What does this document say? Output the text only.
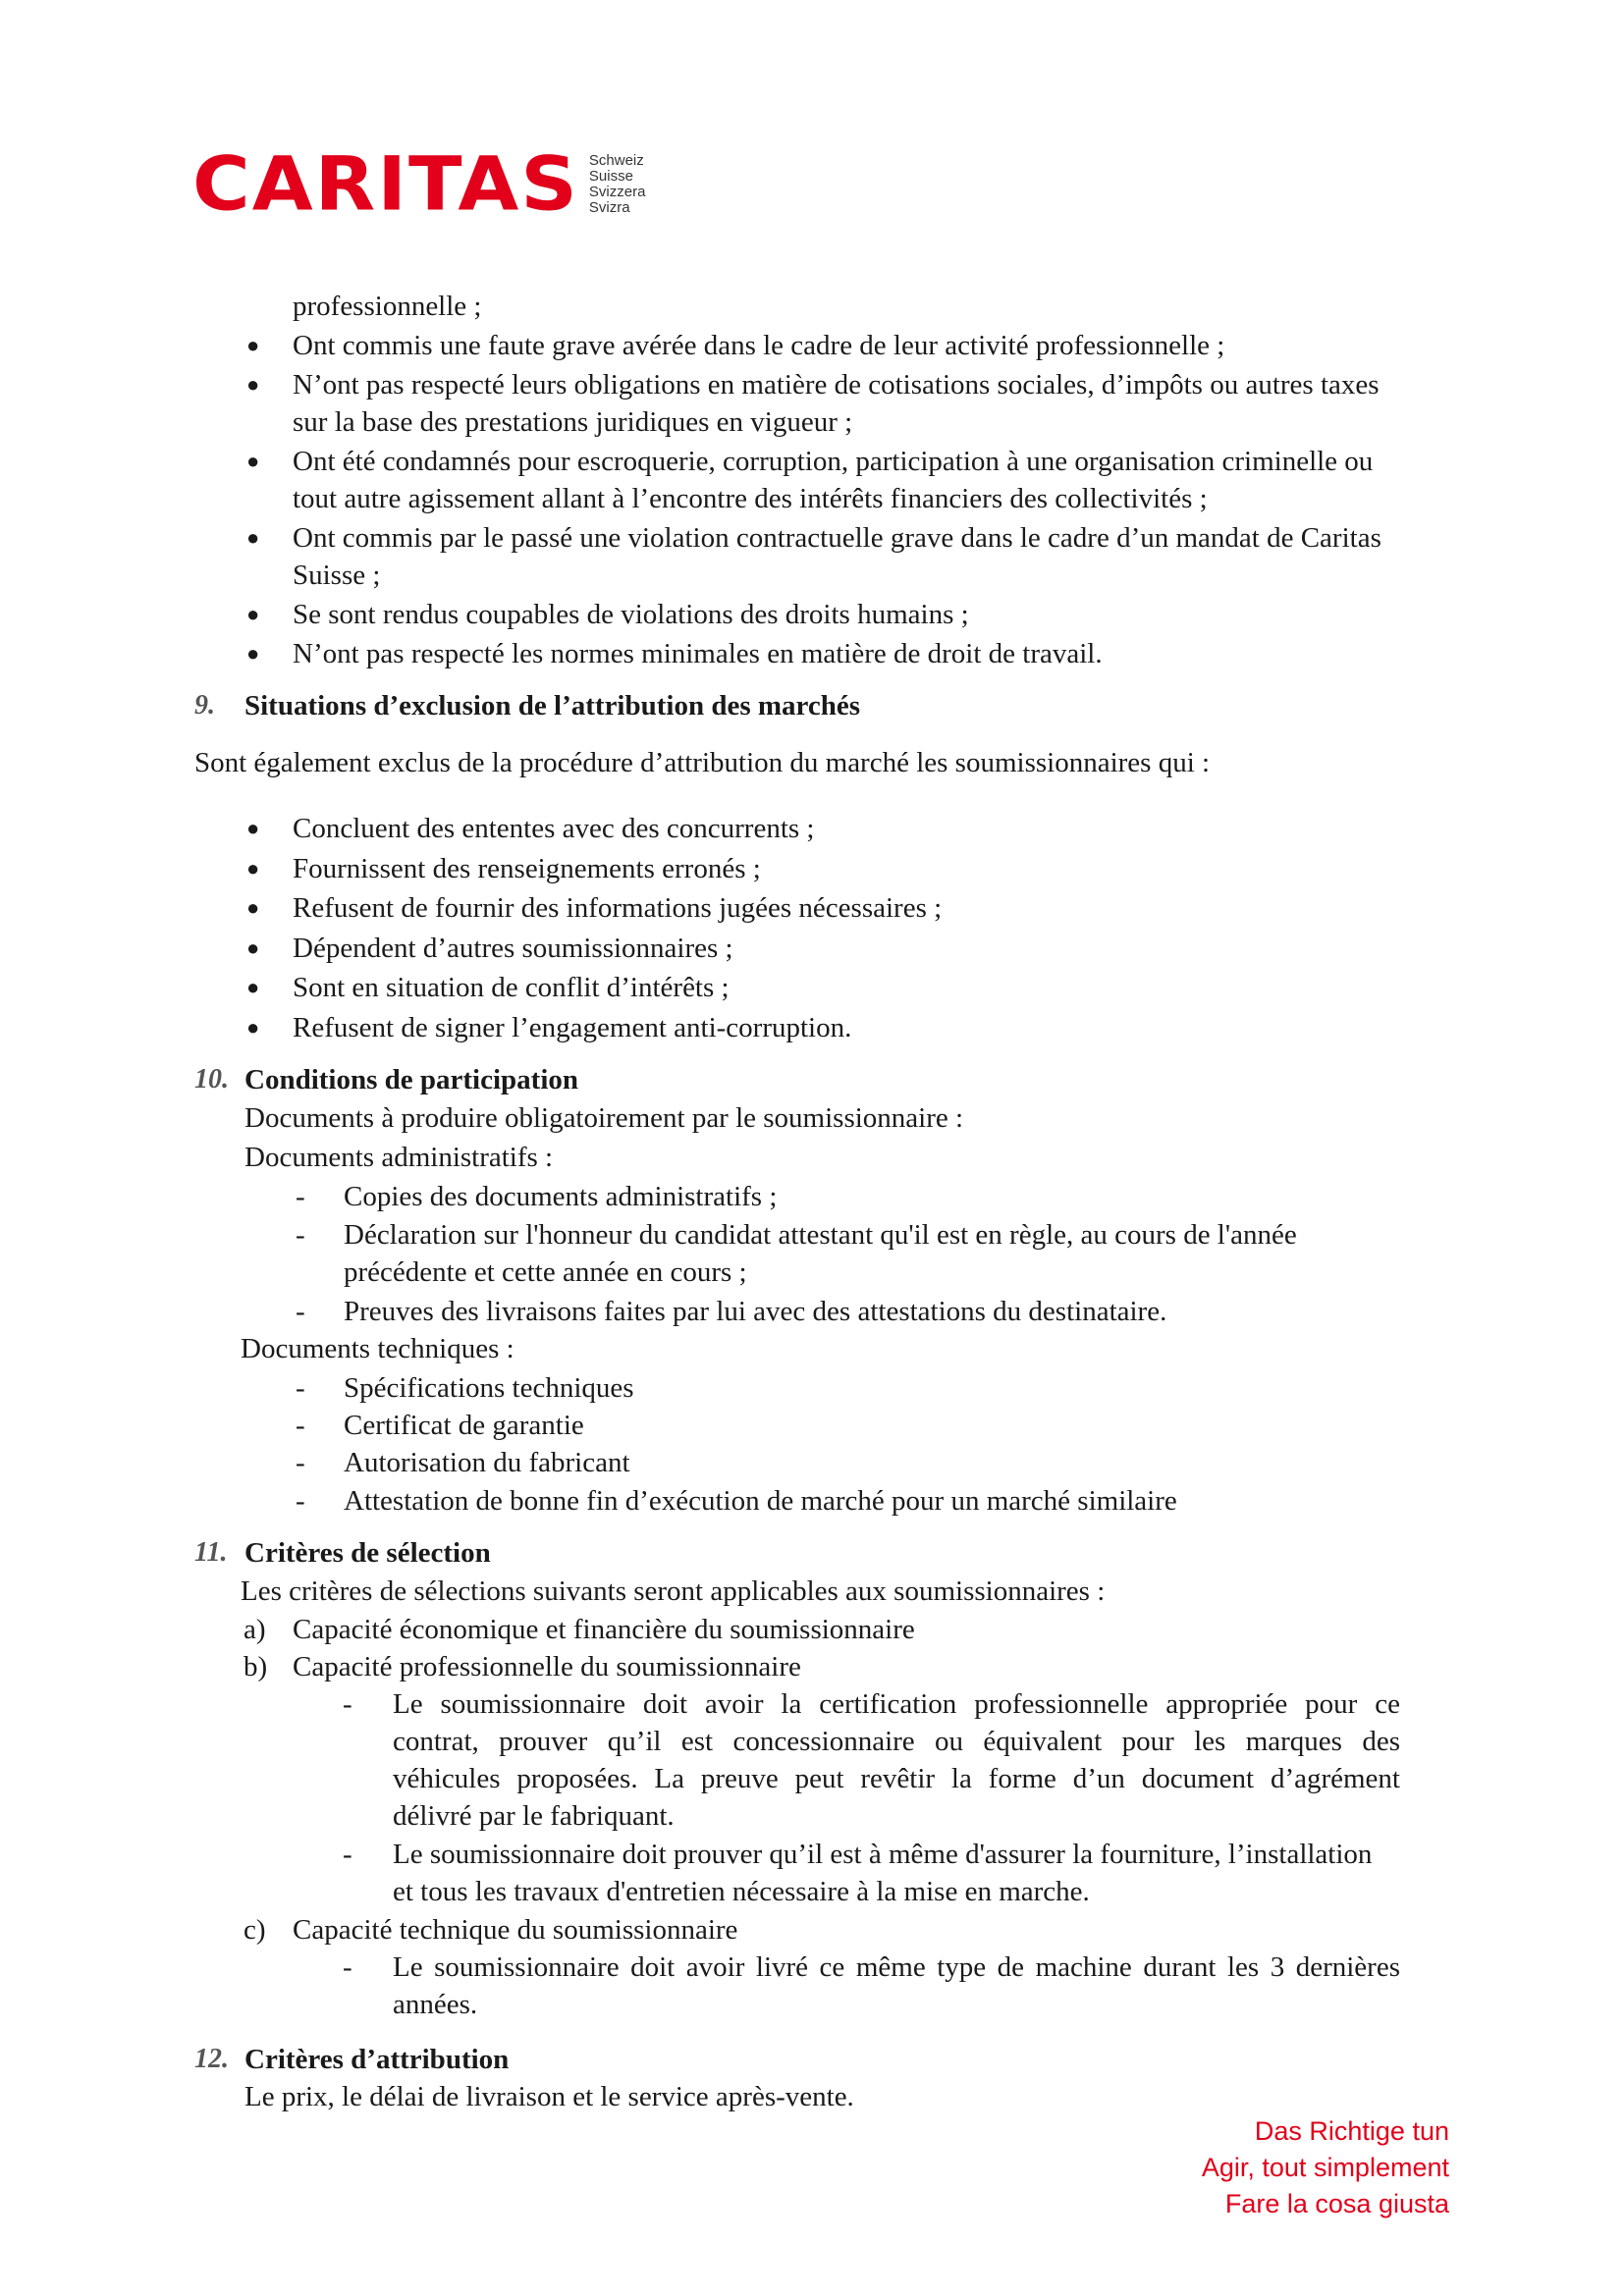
CARITAS Schweiz
Suisse
Svizzera
Svizra
professionnelle ;
● Ont commis une faute grave avérée dans le cadre de leur activité professionnelle ;
● N’ont pas respecté leurs obligations en matière de cotisations sociales, d’impôts ou autres taxes
sur la base des prestations juridiques en vigueur ;
● Ont été condamnés pour escroquerie, corruption, participation à une organisation criminelle ou
tout autre agissement allant à l’encontre des intérêts financiers des collectivités ;
● Ont commis par le passé une violation contractuelle grave dans le cadre d’un mandat de Caritas
Suisse ;
● Se sont rendus coupables de violations des droits humains ;
● N’ont pas respecté les normes minimales en matière de droit de travail.
9. Situations d’exclusion de l’attribution des marchés
Sont également exclus de la procédure d’attribution du marché les soumissionnaires qui :
● Concluent des ententes avec des concurrents ;
● Fournissent des renseignements erronés ;
● Refusent de fournir des informations jugées nécessaires ;
● Dépendent d’autres soumissionnaires ;
● Sont en situation de conflit d’intérêts ;
● Refusent de signer l’engagement anti-corruption.
10. Conditions de participation
Documents à produire obligatoirement par le soumissionnaire :
Documents administratifs :
- Copies des documents administratifs ;
- Déclaration sur l'honneur du candidat attestant qu'il est en règle, au cours de l'année
précédente et cette année en cours ;
- Preuves des livraisons faites par lui avec des attestations du destinataire.
Documents techniques :
- Spécifications techniques
- Certificat de garantie
- Autorisation du fabricant
- Attestation de bonne fin d’exécution de marché pour un marché similaire
11. Critères de sélection
Les critères de sélections suivants seront applicables aux soumissionnaires :
a) Capacité économique et financière du soumissionnaire
b) Capacité professionnelle du soumissionnaire
- Le soumissionnaire doit avoir la certification professionnelle appropriée pour ce
contrat, prouver qu’il est concessionnaire ou équivalent pour les marques des
véhicules proposées. La preuve peut revêtir la forme d’un document d’agrément
délivré par le fabriquant.
- Le soumissionnaire doit prouver qu’il est à même d'assurer la fourniture, l’installation
et tous les travaux d'entretien nécessaire à la mise en marche.
c) Capacité technique du soumissionnaire
- Le soumissionnaire doit avoir livré ce même type de machine durant les 3 dernières
années.
12. Critères d’attribution
Le prix, le délai de livraison et le service après-vente.
Das Richtige tun
Agir, tout simplement
Fare la cosa giusta
